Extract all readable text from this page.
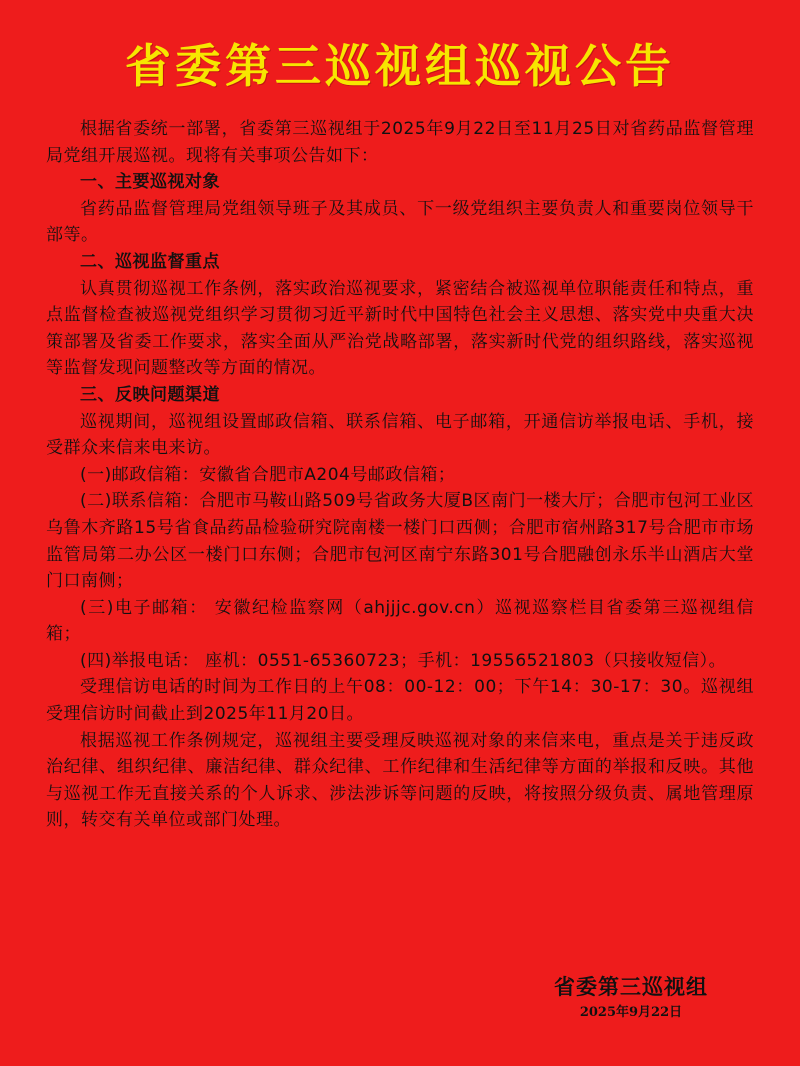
省委第三巡视组巡视公告

根据省委统一部署，省委第三巡视组于2025年9月22日至11月25日对省药品监督管理局党组开展巡视。现将有关事项公告如下：

一、主要巡视对象

省药品监督管理局党组领导班子及其成员、下一级党组织主要负责人和重要岗位领导干部等。

二、巡视监督重点

认真贯彻巡视工作条例，落实政治巡视要求，紧密结合被巡视单位职能责任和特点，重点监督检查被巡视党组织学习贯彻习近平新时代中国特色社会主义思想、落实党中央重大决策部署及省委工作要求，落实全面从严治党战略部署，落实新时代党的组织路线，落实巡视等监督发现问题整改等方面的情况。

三、反映问题渠道

巡视期间，巡视组设置邮政信箱、联系信箱、电子邮箱，开通信访举报电话、手机，接受群众来信来电来访。

(一)邮政信箱：安徽省合肥市A204号邮政信箱；

(二)联系信箱：合肥市马鞍山路509号省政务大厦B区南门一楼大厅；合肥市包河工业区乌鲁木齐路15号省食品药品检验研究院南楼一楼门口西侧；合肥市宿州路317号合肥市市场监管局第二办公区一楼门口东侧；合肥市包河区南宁东路301号合肥融创永乐半山酒店大堂门口南侧；

(三)电子邮箱： 安徽纪检监察网（ahjjjc.gov.cn）巡视巡察栏目省委第三巡视组信箱；

(四)举报电话： 座机：0551-65360723；手机：19556521803（只接收短信）。

受理信访电话的时间为工作日的上午08：00-12：00；下午14：30-17：30。巡视组受理信访时间截止到2025年11月20日。

根据巡视工作条例规定，巡视组主要受理反映巡视对象的来信来电，重点是关于违反政治纪律、组织纪律、廉洁纪律、群众纪律、工作纪律和生活纪律等方面的举报和反映。其他与巡视工作无直接关系的个人诉求、涉法涉诉等问题的反映，将按照分级负责、属地管理原则，转交有关单位或部门处理。

省委第三巡视组
2025年9月22日
